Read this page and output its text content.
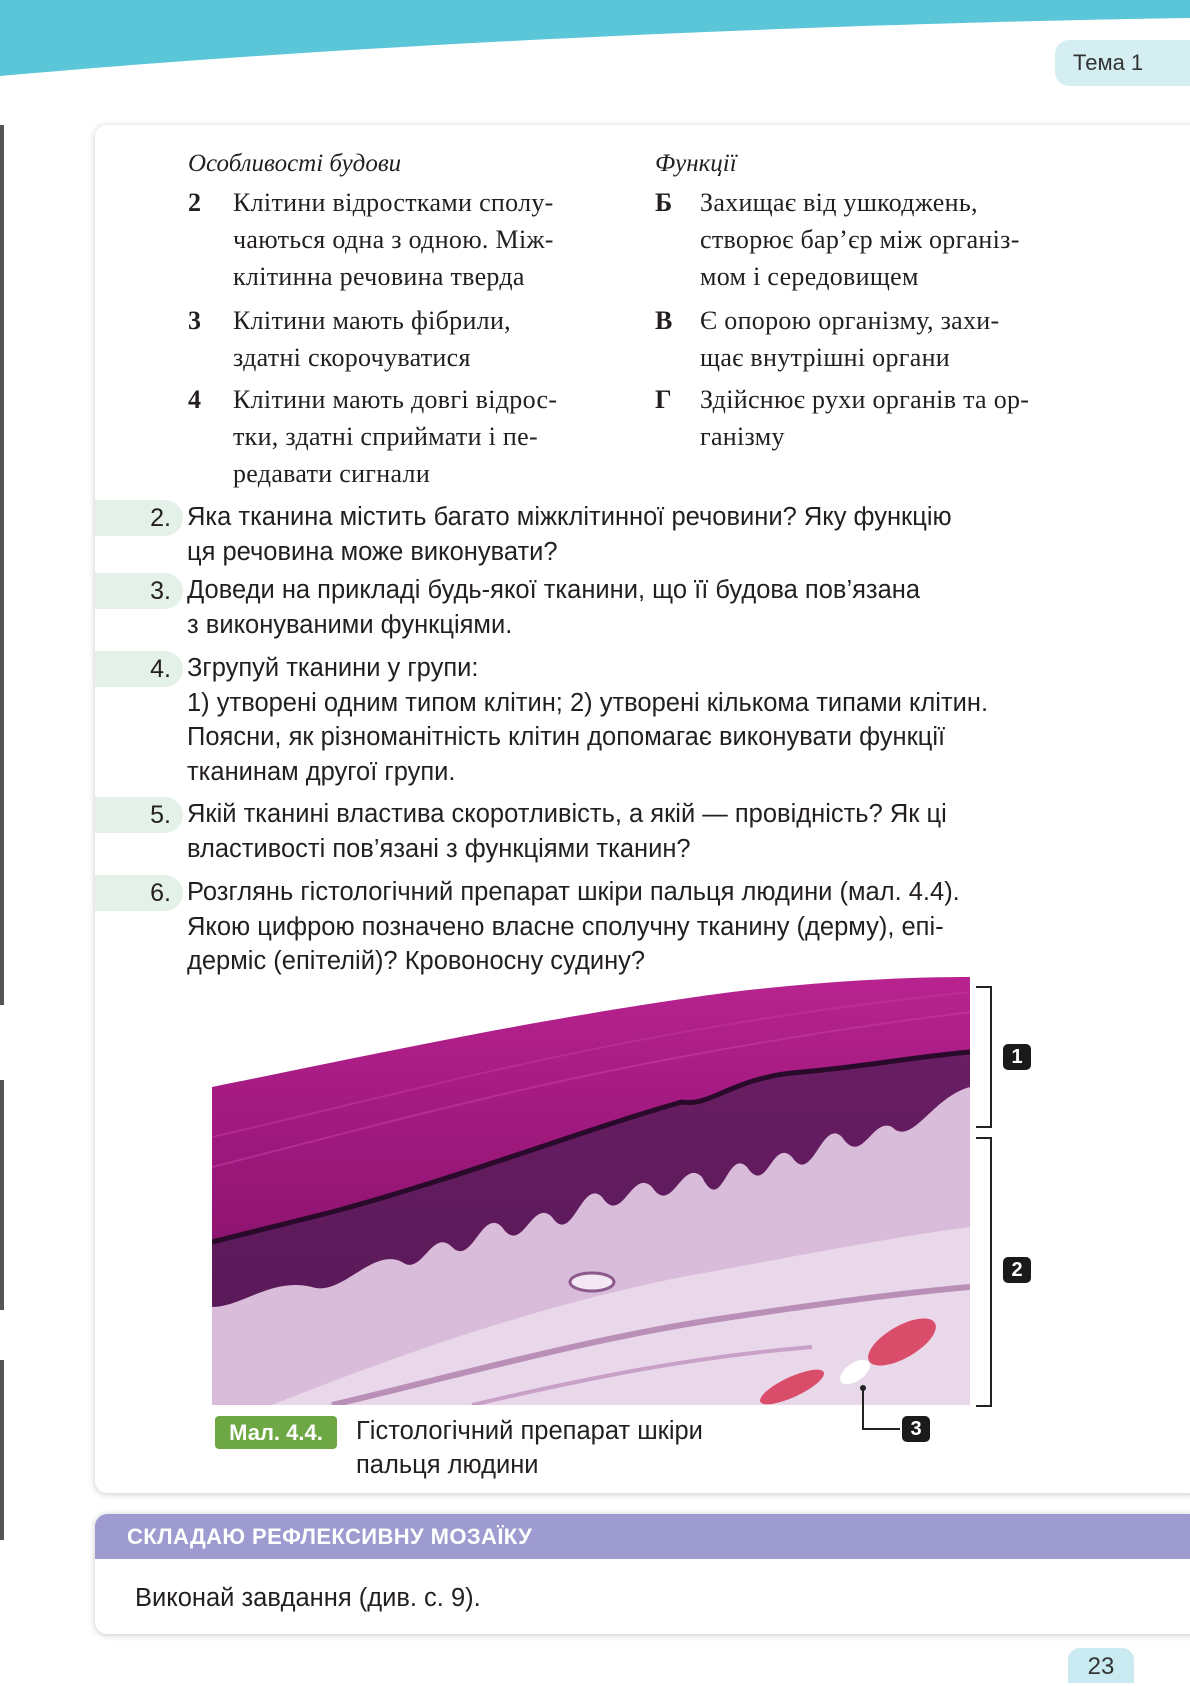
Тема 1
Особливості будови	Функції
2 Клітини відростками сполу-
чаються одна з одною. Між-
клітинна речовина тверда
3 Клітини мають фібрили,
здатні скорочуватися
4 Клітини мають довгі відрос-
тки, здатні сприймати і пе-
редавати сигнали
Б Захищає від ушкоджень,
створює бар’єр між організ-
мом і середовищем
В Є опорою організму, захи-
щає внутрішні органи
Г Здійснює рухи органів та ор-
ганізму
2. Яка тканина містить багато міжклітинної речовини? Яку функцію
ця речовина може виконувати?
3. Доведи на прикладі будь-якої тканини, що її будова пов’язана
з виконуваними функціями.
4. Згрупуй тканини у групи:
1) утворені одним типом клітин; 2) утворені кількома типами клітин.
Поясни, як різноманітність клітин допомагає виконувати функції
тканинам другої групи.
5. Якій тканині властива скоротливість, а якій — провідність? Як ці
властивості пов’язані з функціями тканин?
6. Розглянь гістологічний препарат шкіри пальця людини (мал. 4.4).
Якою цифрою позначено власне сполучну тканину (дерму), епі-
дерміс (епітелій)? Кровоносну судину?
1
2
3
Мал. 4.4.	Гістологічний препарат шкіри
пальця людини
СКЛАДАЮ РЕФЛЕКСИВНУ МОЗАЇКУ
Виконай завдання (див. с. 9).
23
